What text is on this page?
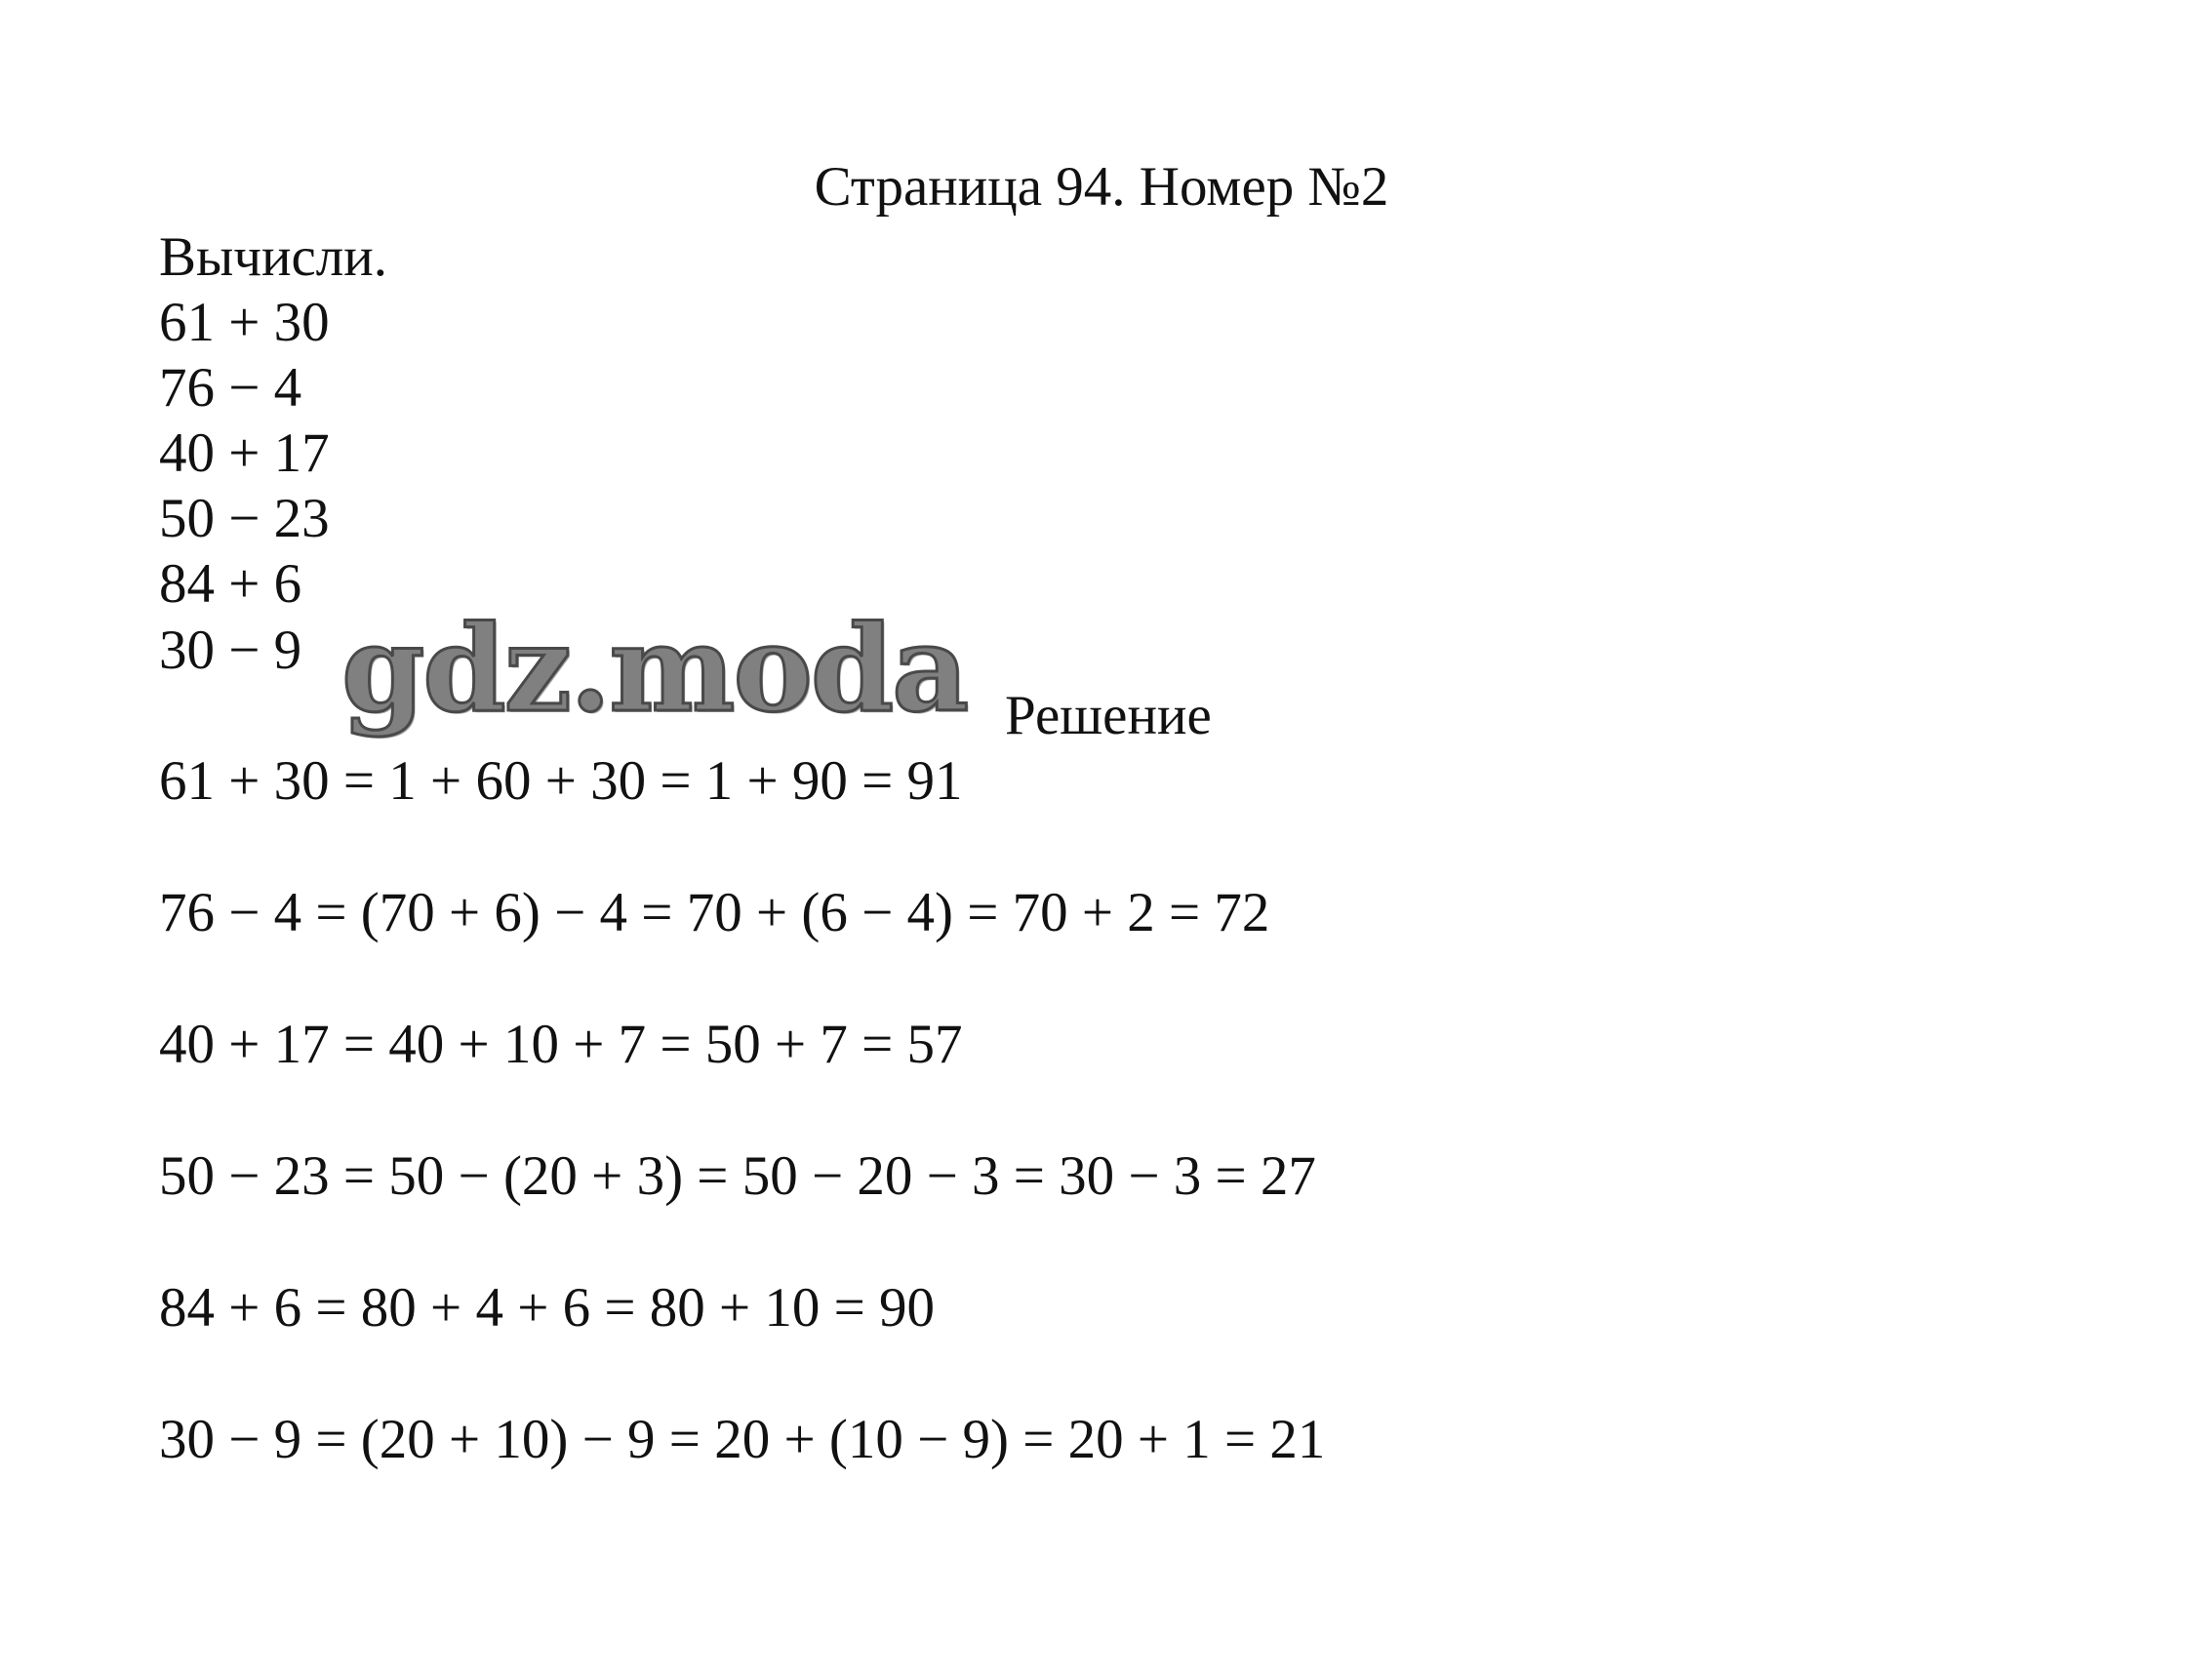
Страница 94. Номер №2
Вычисли.
61 + 30
76 − 4
40 + 17
50 − 23
84 + 6
30 − 9 gdz.moda Решение
61 + 30 = 1 + 60 + 30 = 1 + 90 = 91
76 − 4 = (70 + 6) − 4 = 70 + (6 − 4) = 70 + 2 = 72
40 + 17 = 40 + 10 + 7 = 50 + 7 = 57
50 − 23 = 50 − (20 + 3) = 50 − 20 − 3 = 30 − 3 = 27
84 + 6 = 80 + 4 + 6 = 80 + 10 = 90
30 − 9 = (20 + 10) − 9 = 20 + (10 − 9) = 20 + 1 = 21
